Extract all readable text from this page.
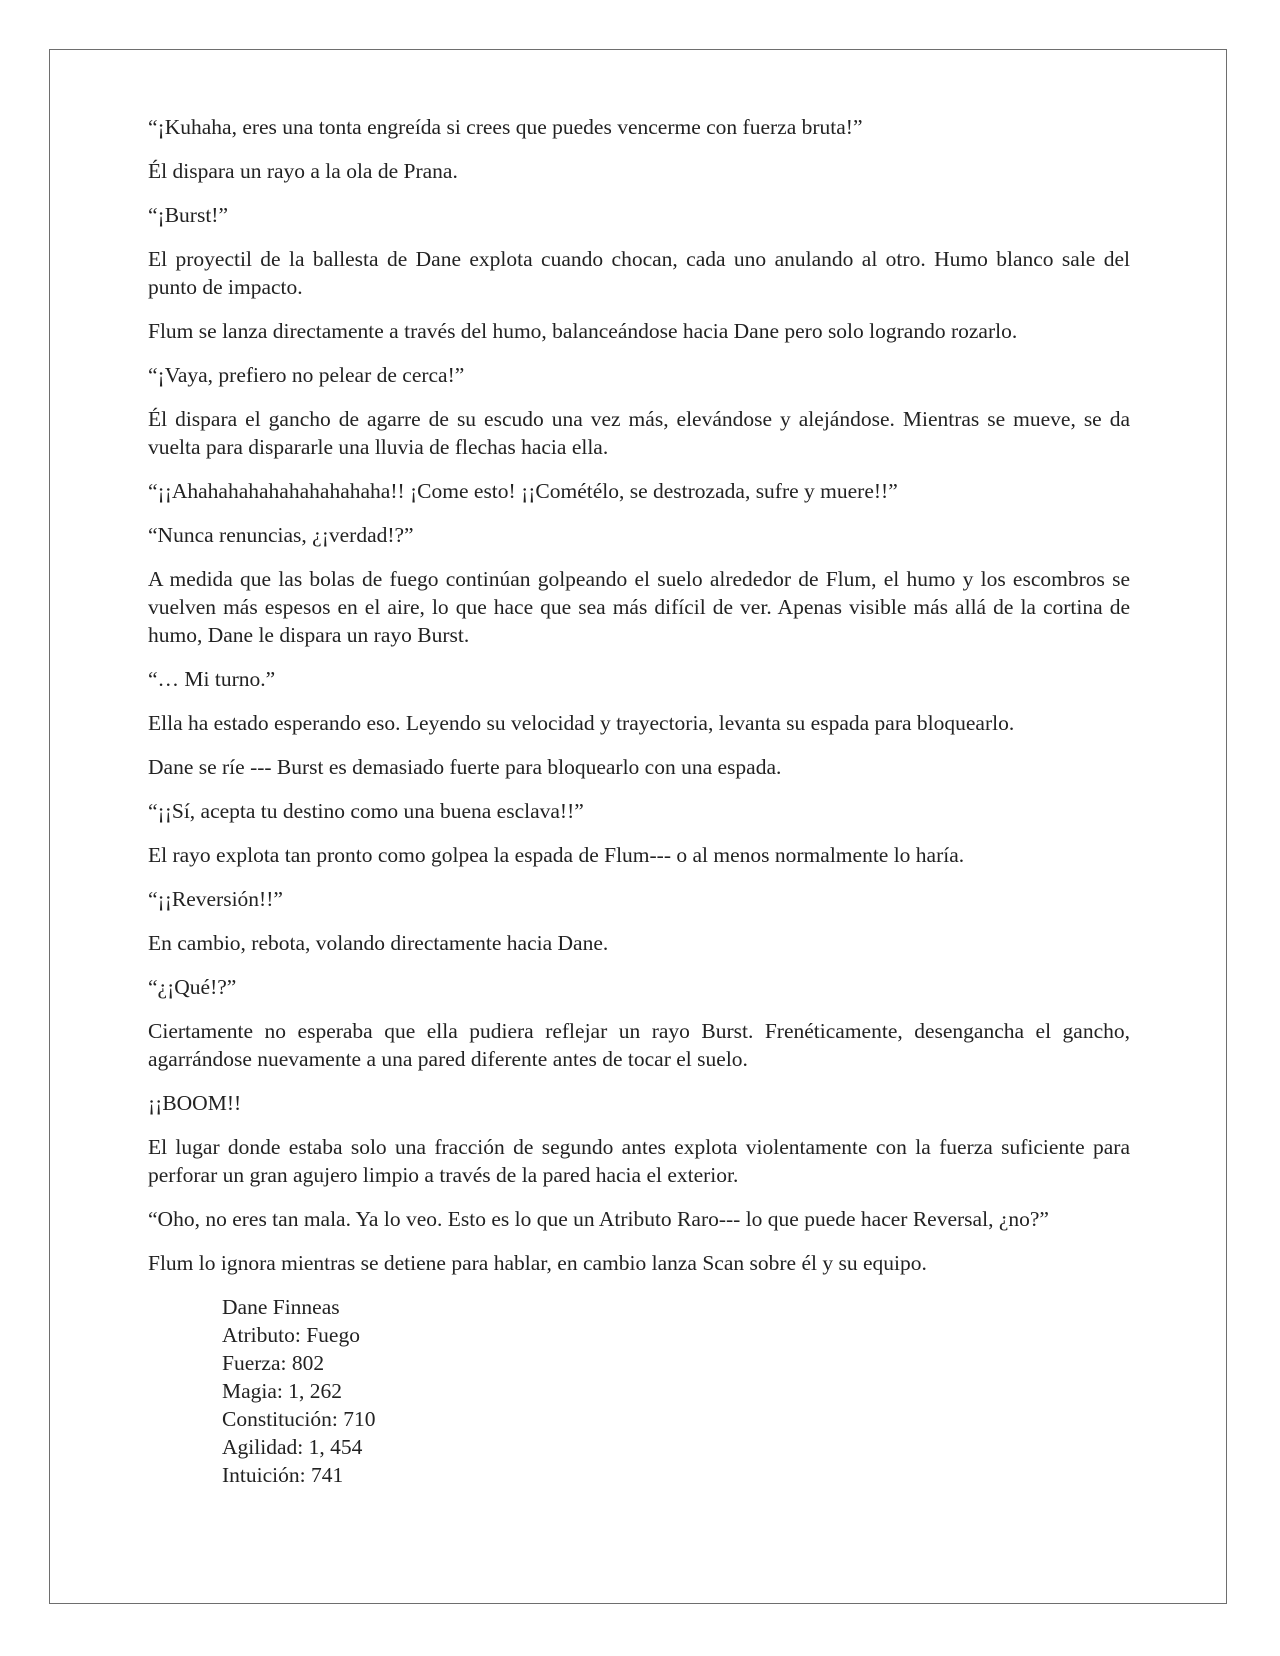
“¡Kuhaha, eres una tonta engreída si crees que puedes vencerme con fuerza bruta!”

Él dispara un rayo a la ola de Prana.

“¡Burst!”

El proyectil de la ballesta de Dane explota cuando chocan, cada uno anulando al otro. Humo blanco sale del punto de impacto.

Flum se lanza directamente a través del humo, balanceándose hacia Dane pero solo logrando rozarlo.

“¡Vaya, prefiero no pelear de cerca!”

Él dispara el gancho de agarre de su escudo una vez más, elevándose y alejándose. Mientras se mueve, se da vuelta para dispararle una lluvia de flechas hacia ella.

“¡¡Ahahahahahahahahahaha!! ¡Come esto! ¡¡Cométélo, se destrozada, sufre y muere!!”

“Nunca renuncias, ¿¡verdad!?”

A medida que las bolas de fuego continúan golpeando el suelo alrededor de Flum, el humo y los escombros se vuelven más espesos en el aire, lo que hace que sea más difícil de ver. Apenas visible más allá de la cortina de humo, Dane le dispara un rayo Burst.

“… Mi turno.”

Ella ha estado esperando eso. Leyendo su velocidad y trayectoria, levanta su espada para bloquearlo.

Dane se ríe --- Burst es demasiado fuerte para bloquearlo con una espada.

“¡¡Sí, acepta tu destino como una buena esclava!!”

El rayo explota tan pronto como golpea la espada de Flum--- o al menos normalmente lo haría.

“¡¡Reversión!!”

En cambio, rebota, volando directamente hacia Dane.

“¿¡Qué!?”

Ciertamente no esperaba que ella pudiera reflejar un rayo Burst. Frenéticamente, desengancha el gancho, agarrándose nuevamente a una pared diferente antes de tocar el suelo.

¡¡BOOM!!

El lugar donde estaba solo una fracción de segundo antes explota violentamente con la fuerza suficiente para perforar un gran agujero limpio a través de la pared hacia el exterior.

“Oho, no eres tan mala. Ya lo veo. Esto es lo que un Atributo Raro--- lo que puede hacer Reversal, ¿no?”

Flum lo ignora mientras se detiene para hablar, en cambio lanza Scan sobre él y su equipo.

Dane Finneas
Atributo: Fuego
Fuerza: 802
Magia: 1, 262
Constitución: 710
Agilidad: 1, 454
Intuición: 741
